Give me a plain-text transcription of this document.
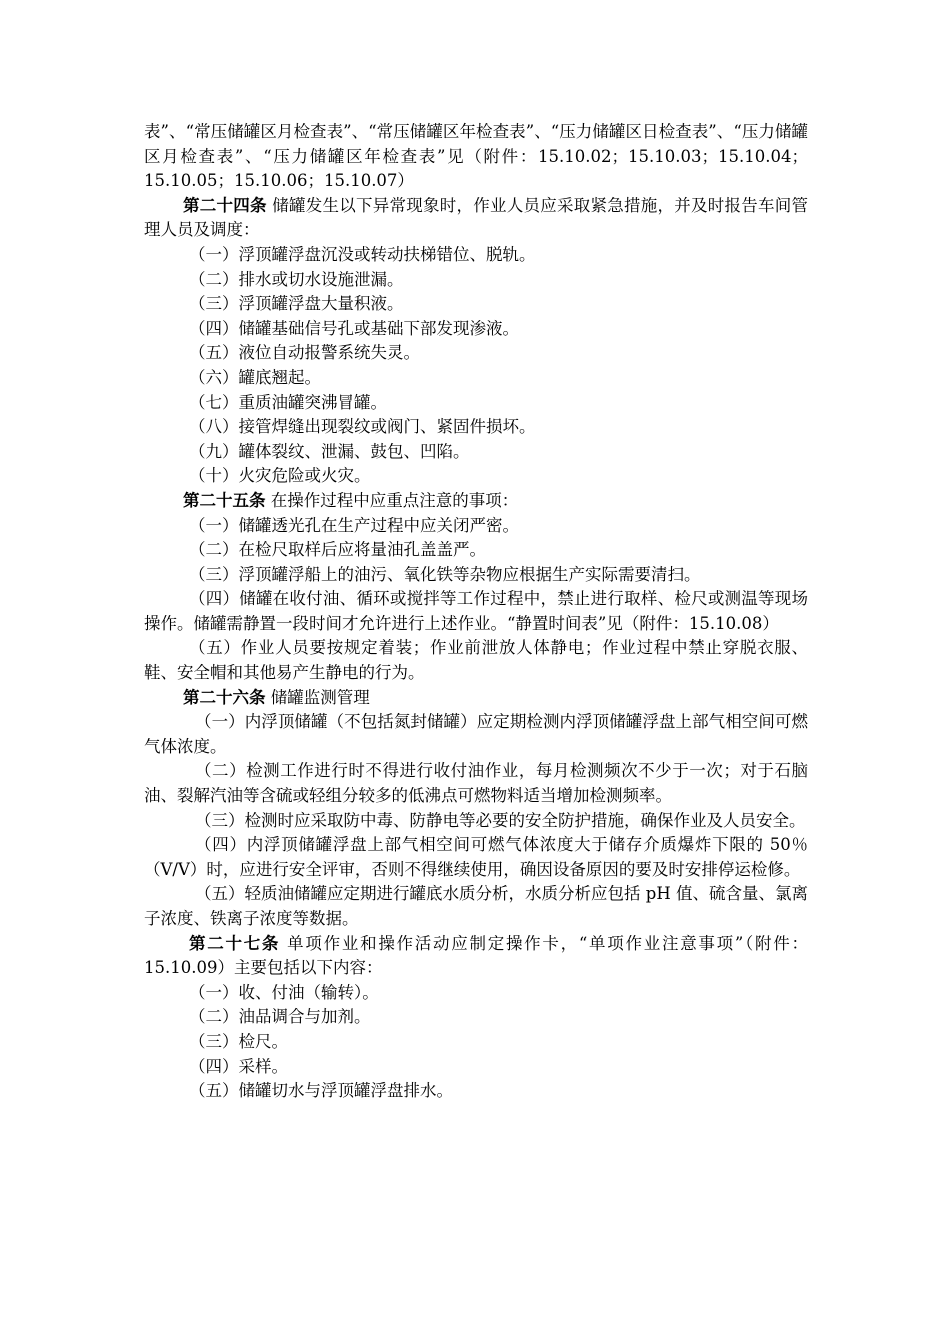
表”、“常压储罐区月检查表”、“常压储罐区年检查表”、“压力储罐区日检查表”、“压力储罐区月检查表”、“压力储罐区年检查表”见（附件：15.10.02；15.10.03；15.10.04；15.10.05；15.10.06；15.10.07）

第二十四条 储罐发生以下异常现象时，作业人员应采取紧急措施，并及时报告车间管理人员及调度：

（一）浮顶罐浮盘沉没或转动扶梯错位、脱轨。

（二）排水或切水设施泄漏。

（三）浮顶罐浮盘大量积液。

（四）储罐基础信号孔或基础下部发现渗液。

（五）液位自动报警系统失灵。

（六）罐底翘起。

（七）重质油罐突沸冒罐。

（八）接管焊缝出现裂纹或阀门、紧固件损坏。

（九）罐体裂纹、泄漏、鼓包、凹陷。

（十）火灾危险或火灾。

第二十五条 在操作过程中应重点注意的事项：

（一）储罐透光孔在生产过程中应关闭严密。

（二）在检尺取样后应将量油孔盖盖严。

（三）浮顶罐浮船上的油污、氧化铁等杂物应根据生产实际需要清扫。

（四）储罐在收付油、循环或搅拌等工作过程中，禁止进行取样、检尺或测温等现场操作。储罐需静置一段时间才允许进行上述作业。“静置时间表”见（附件：15.10.08）

（五）作业人员要按规定着装；作业前泄放人体静电；作业过程中禁止穿脱衣服、鞋、安全帽和其他易产生静电的行为。

第二十六条 储罐监测管理

（一）内浮顶储罐（不包括氮封储罐）应定期检测内浮顶储罐浮盘上部气相空间可燃气体浓度。

（二）检测工作进行时不得进行收付油作业，每月检测频次不少于一次；对于石脑油、裂解汽油等含硫或轻组分较多的低沸点可燃物料适当增加检测频率。

（三）检测时应采取防中毒、防静电等必要的安全防护措施，确保作业及人员安全。

（四）内浮顶储罐浮盘上部气相空间可燃气体浓度大于储存介质爆炸下限的 50％（V/V）时，应进行安全评审，否则不得继续使用，确因设备原因的要及时安排停运检修。

（五）轻质油储罐应定期进行罐底水质分析，水质分析应包括 pH 值、硫含量、氯离子浓度、铁离子浓度等数据。

第二十七条 单项作业和操作活动应制定操作卡，“单项作业注意事项”（附件：15.10.09）主要包括以下内容：

（一）收、付油（输转）。

（二）油品调合与加剂。

（三）检尺。

（四）采样。

（五）储罐切水与浮顶罐浮盘排水。
